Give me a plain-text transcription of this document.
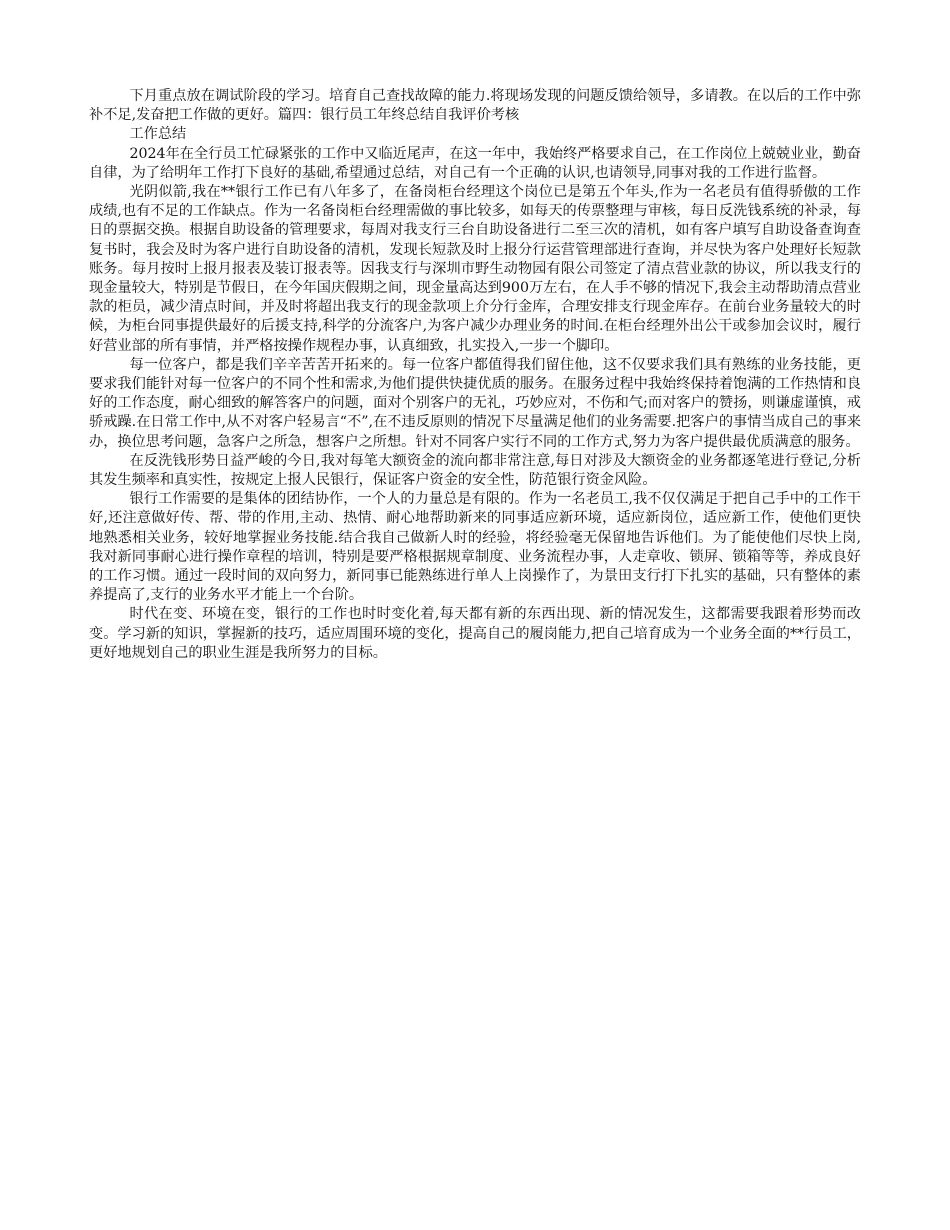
下月重点放在调试阶段的学习。培育自己查找故障的能力.将现场发现的问题反馈给领导，多请教。在以后的工作中弥补不足,发奋把工作做的更好。篇四：银行员工年终总结自我评价考核

工作总结

2024年在全行员工忙碌紧张的工作中又临近尾声，在这一年中，我始终严格要求自己，在工作岗位上兢兢业业，勤奋自律，为了给明年工作打下良好的基础,希望通过总结，对自己有一个正确的认识,也请领导,同事对我的工作进行监督。

光阴似箭,我在**银行工作已有八年多了，在备岗柜台经理这个岗位已是第五个年头,作为一名老员有值得骄傲的工作成绩,也有不足的工作缺点。作为一名备岗柜台经理需做的事比较多，如每天的传票整理与审核，每日反洗钱系统的补录，每日的票据交换。根据自助设备的管理要求，每周对我支行三台自助设备进行二至三次的清机，如有客户填写自助设备查询查复书时，我会及时为客户进行自助设备的清机，发现长短款及时上报分行运营管理部进行查询，并尽快为客户处理好长短款账务。每月按时上报月报表及装订报表等。因我支行与深圳市野生动物园有限公司签定了清点营业款的协议，所以我支行的现金量较大，特别是节假日，在今年国庆假期之间，现金量高达到900万左右，在人手不够的情况下,我会主动帮助清点营业款的柜员，减少清点时间，并及时将超出我支行的现金款项上介分行金库，合理安排支行现金库存。在前台业务量较大的时候，为柜台同事提供最好的后援支持,科学的分流客户,为客户减少办理业务的时间.在柜台经理外出公干或参加会议时，履行好营业部的所有事情，并严格按操作规程办事，认真细致，扎实投入,一步一个脚印。

每一位客户，都是我们辛辛苦苦开拓来的。每一位客户都值得我们留住他，这不仅要求我们具有熟练的业务技能，更要求我们能针对每一位客户的不同个性和需求,为他们提供快捷优质的服务。在服务过程中我始终保持着饱满的工作热情和良好的工作态度，耐心细致的解答客户的问题，面对个别客户的无礼，巧妙应对，不伤和气;而对客户的赞扬，则谦虚谨慎，戒骄戒躁.在日常工作中,从不对客户轻易言“不”,在不违反原则的情况下尽量满足他们的业务需要.把客户的事情当成自己的事来办，换位思考问题，急客户之所急，想客户之所想。针对不同客户实行不同的工作方式,努力为客户提供最优质满意的服务。

在反洗钱形势日益严峻的今日,我对每笔大额资金的流向都非常注意,每日对涉及大额资金的业务都逐笔进行登记,分析其发生频率和真实性，按规定上报人民银行，保证客户资金的安全性，防范银行资金风险。

银行工作需要的是集体的团结协作，一个人的力量总是有限的。作为一名老员工,我不仅仅满足于把自己手中的工作干好,还注意做好传、帮、带的作用,主动、热情、耐心地帮助新来的同事适应新环境，适应新岗位，适应新工作，使他们更快地熟悉相关业务，较好地掌握业务技能.结合我自己做新人时的经验，将经验毫无保留地告诉他们。为了能使他们尽快上岗,我对新同事耐心进行操作章程的培训，特别是要严格根据规章制度、业务流程办事，人走章收、锁屏、锁箱等等，养成良好的工作习惯。通过一段时间的双向努力，新同事已能熟练进行单人上岗操作了，为景田支行打下扎实的基础，只有整体的素养提高了,支行的业务水平才能上一个台阶。

时代在变、环境在变，银行的工作也时时变化着,每天都有新的东西出现、新的情况发生，这都需要我跟着形势而改变。学习新的知识，掌握新的技巧，适应周围环境的变化，提高自己的履岗能力,把自己培育成为一个业务全面的**行员工，更好地规划自己的职业生涯是我所努力的目标。
